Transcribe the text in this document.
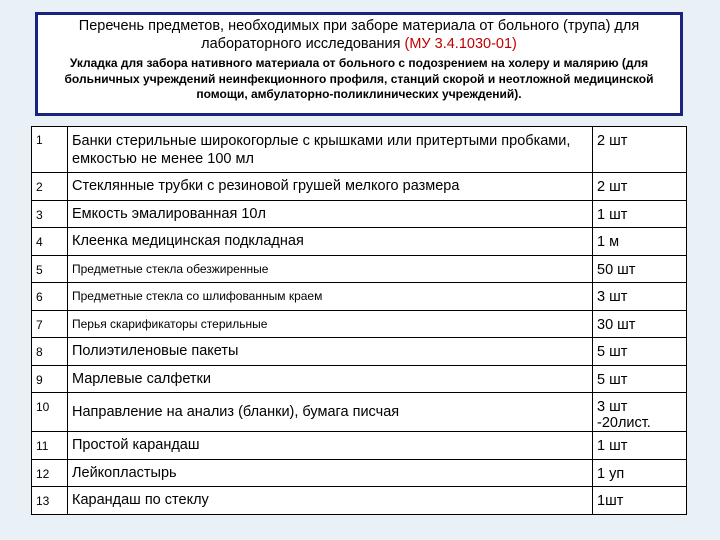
Перечень предметов, необходимых при заборе материала от больного (трупа) для лабораторного исследования (МУ 3.4.1030-01)
Укладка для забора нативного материала от больного с подозрением на холеру и малярию (для больничных учреждений неинфекционного профиля, станций скорой и неотложной медицинской помощи, амбулаторно-поликлинических учреждений).
1	Банки стерильные широкогорлые с крышками или притертыми пробками, емкостью не менее 100 мл	2 шт
2	Стеклянные трубки с резиновой грушей мелкого размера	2 шт
3	Емкость эмалированная 10л	1 шт
4	Клеенка медицинская подкладная	1 м
5	Предметные стекла обезжиренные	50 шт
6	Предметные стекла со шлифованным краем	3 шт
7	Перья скарификаторы стерильные	30 шт
8	Полиэтиленовые пакеты	5 шт
9	Марлевые салфетки	5 шт
10	Направление на анализ (бланки), бумага писчая	3 шт -20лист.
11	Простой карандаш	1 шт
12	Лейкопластырь	1 уп
13	Карандаш по стеклу	1шт
